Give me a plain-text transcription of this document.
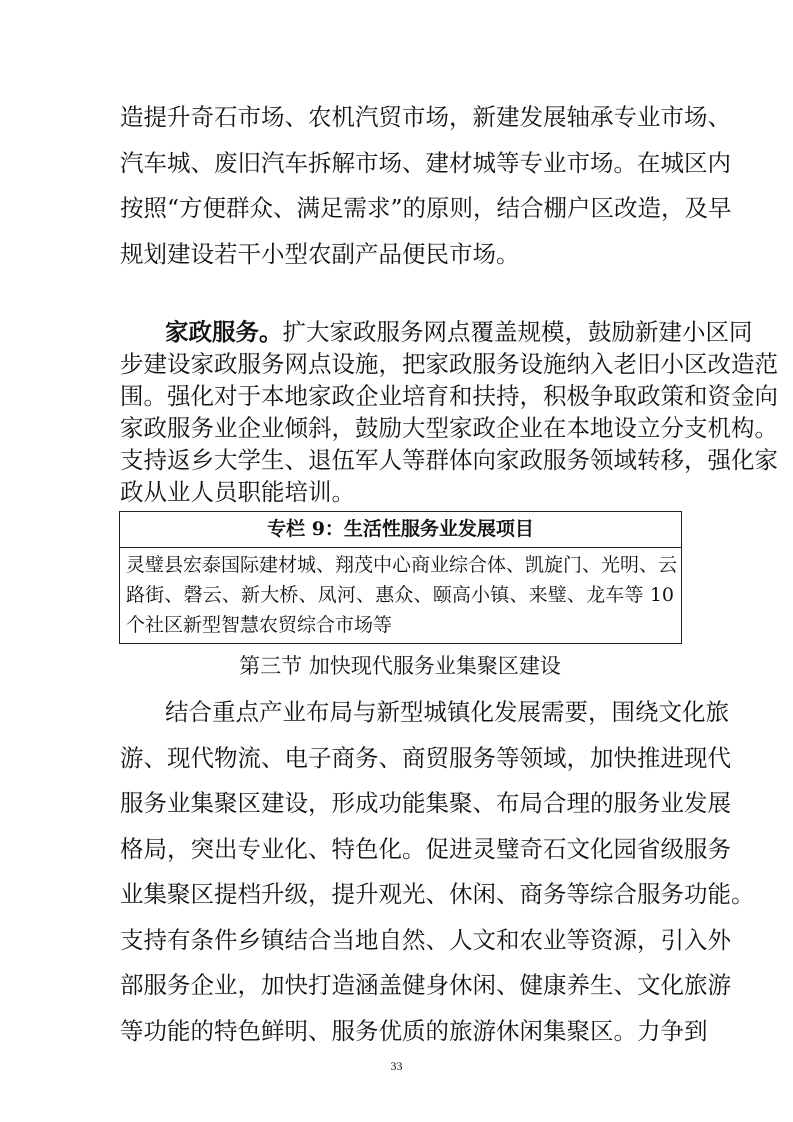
造提升奇石市场、农机汽贸市场，新建发展轴承专业市场、
汽车城、废旧汽车拆解市场、建材城等专业市场。在城区内
按照“方便群众、满足需求”的原则，结合棚户区改造，及早
规划建设若干小型农副产品便民市场。
家政服务。扩大家政服务网点覆盖规模，鼓励新建小区同
步建设家政服务网点设施，把家政服务设施纳入老旧小区改造范
围。强化对于本地家政企业培育和扶持，积极争取政策和资金向
家政服务业企业倾斜，鼓励大型家政企业在本地设立分支机构。
支持返乡大学生、退伍军人等群体向家政服务领域转移，强化家
政从业人员职能培训。
专栏 9：生活性服务业发展项目
灵璧县宏泰国际建材城、翔茂中心商业综合体、凯旋门、光明、云
路街、磬云、新大桥、凤河、惠众、颐高小镇、来璧、龙车等 10
个社区新型智慧农贸综合市场等
第三节 加快现代服务业集聚区建设
结合重点产业布局与新型城镇化发展需要，围绕文化旅
游、现代物流、电子商务、商贸服务等领域，加快推进现代
服务业集聚区建设，形成功能集聚、布局合理的服务业发展
格局，突出专业化、特色化。促进灵璧奇石文化园省级服务
业集聚区提档升级，提升观光、休闲、商务等综合服务功能。
支持有条件乡镇结合当地自然、人文和农业等资源，引入外
部服务企业，加快打造涵盖健身休闲、健康养生、文化旅游
等功能的特色鲜明、服务优质的旅游休闲集聚区。力争到
33
